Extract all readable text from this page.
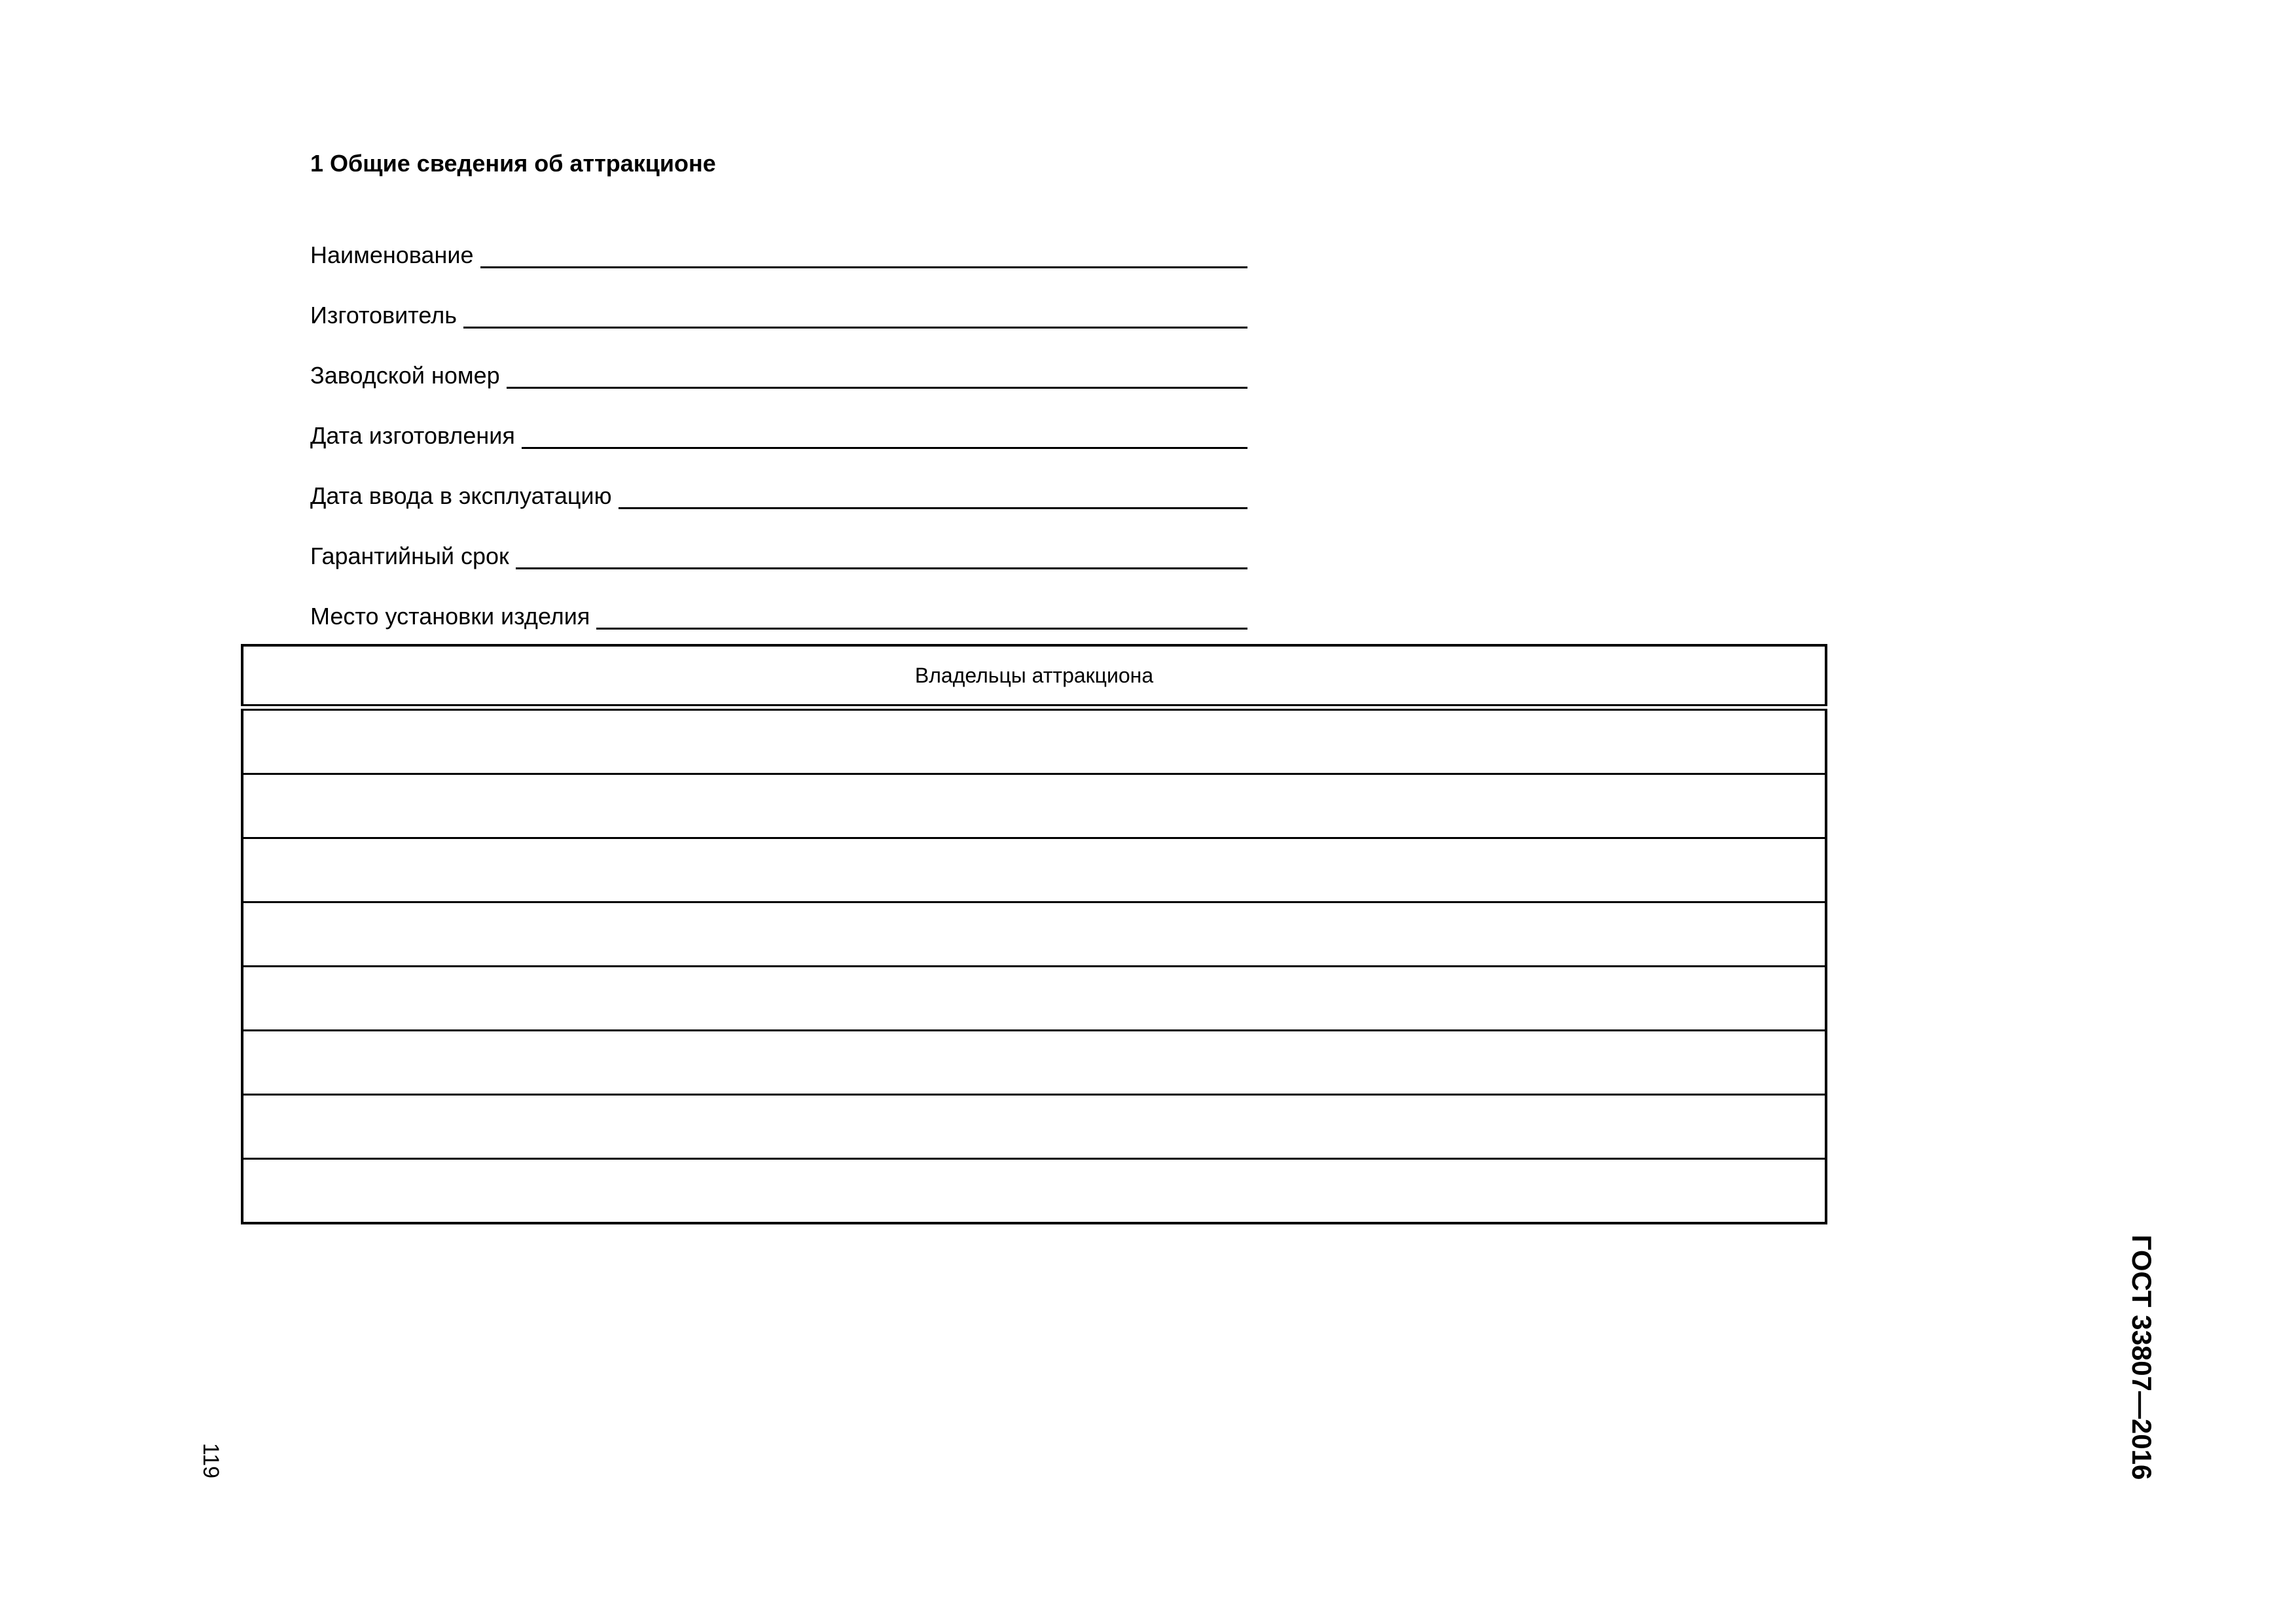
1 Общие сведения об аттракционе
Наименование
Изготовитель
Заводской номер
Дата изготовления
Дата ввода в эксплуатацию
Гарантийный срок
Место установки изделия
Владельцы аттракциона

119	ГОСТ 33807—2016
